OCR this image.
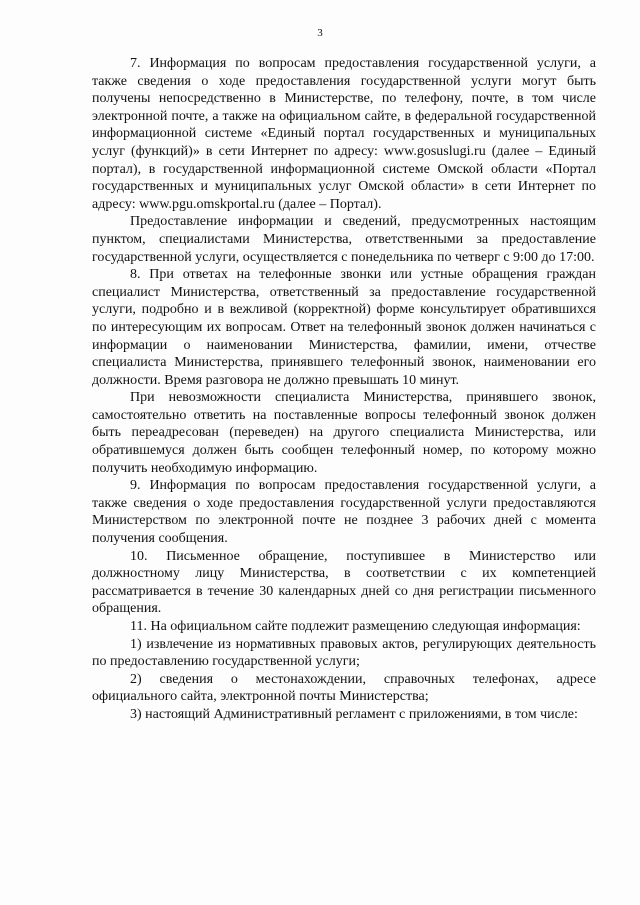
3

7. Информация по вопросам предоставления государственной услуги, а также сведения о ходе предоставления государственной услуги могут быть получены непосредственно в Министерстве, по телефону, почте, в том числе электронной почте, а также на официальном сайте, в федеральной государственной информационной системе «Единый портал государственных и муниципальных услуг (функций)» в сети Интернет по адресу: www.gosuslugi.ru (далее – Единый портал), в государственной информационной системе Омской области «Портал государственных и муниципальных услуг Омской области» в сети Интернет по адресу: www.pgu.omskportal.ru (далее – Портал).

Предоставление информации и сведений, предусмотренных настоящим пунктом, специалистами Министерства, ответственными за предоставление государственной услуги, осуществляется с понедельника по четверг с 9:00 до 17:00.

8. При ответах на телефонные звонки или устные обращения граждан специалист Министерства, ответственный за предоставление государственной услуги, подробно и в вежливой (корректной) форме консультирует обратившихся по интересующим их вопросам. Ответ на телефонный звонок должен начинаться с информации о наименовании Министерства, фамилии, имени, отчестве специалиста Министерства, принявшего телефонный звонок, наименовании его должности. Время разговора не должно превышать 10 минут.

При невозможности специалиста Министерства, принявшего звонок, самостоятельно ответить на поставленные вопросы телефонный звонок должен быть переадресован (переведен) на другого специалиста Министерства, или обратившемуся должен быть сообщен телефонный номер, по которому можно получить необходимую информацию.

9. Информация по вопросам предоставления государственной услуги, а также сведения о ходе предоставления государственной услуги предоставляются Министерством по электронной почте не позднее 3 рабочих дней с момента получения сообщения.

10. Письменное обращение, поступившее в Министерство или должностному лицу Министерства, в соответствии с их компетенцией рассматривается в течение 30 календарных дней со дня регистрации письменного обращения.

11. На официальном сайте подлежит размещению следующая информация:

1) извлечение из нормативных правовых актов, регулирующих деятельность по предоставлению государственной услуги;

2) сведения о местонахождении, справочных телефонах, адресе официального сайта, электронной почты Министерства;

3) настоящий Административный регламент с приложениями, в том числе:
